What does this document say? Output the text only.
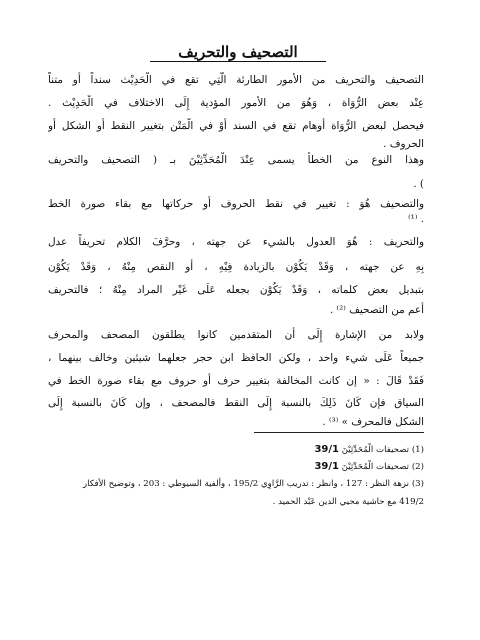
التصحيف والتحريف
التصحيف والتحريف من الأمور الطارئة الَّتِي تقع في الْحَدِيْث سنداً أو متناً
عِنْد بعض الرُّوَاة ، وَهُوَ من الأمور المؤدية إِلَى الاختلاف في الْحَدِيْث .
فيحصل لبعض الرُّوَاة أوهام تقع في السند أَوْ في الْمَتْن بتغيير النقط أَو الشكل أَو
الحروف .
وهذا النوع من الخطأ يسمى عِنْدَ الْمُحَدِّثِيْنَ بـ ( التصحيف والتحريف
) .
والتصحيف هُوَ : تغيير في نقط الحروف أَو حركاتها مع بقاء صورة الخط
. ⁽¹⁾
والتحريف : هُوَ العدول بالشيء عن جهته ، وحرَّفَ الكلام تحريفاً عدل
بِهِ عن جهته ، وَقَدْ يَكُوْن بالزيادة فِيْهِ ، أو النقص مِنْهُ ، وَقَدْ يَكُوْن
بتبديل بعض كلماته ، وَقَدْ يَكُوْن بجعله عَلَى غَيْر المراد مِنْهُ ؛ فالتحريف
أعم من التصحيف ⁽²⁾ .
ولابد من الإشارة إِلَى أن المتقدمين كانوا يطلقون المصحف والمحرف
جميعاً عَلَى شيء واحد ، ولكن الحافظ ابن حجر جعلهما شيئين وخالف بينهما ،
فَقَدْ قَالَ : « إن كانت المخالفة بتغيير حرف أو حروف مع بقاء صورة الخط في
السياق فإن كَانَ ذَلِكَ بالنسبة إِلَى النقط فالمصحف ، وإن كَانَ بالنسبة إِلَى
الشكل فالمحرف » ⁽³⁾ .
(1) تصحيفات الْمُحَدِّثِيْنَ 39/1
(2) تصحيفات الْمُحَدِّثِيْنَ 39/1
(3) نزهة النظر : 127 ، وانظر : تدريب الرَّاوِي 195/2 ، وألفية السيوطي : 203 ، وتوضيح الأفكار
419/2 مع حاشية محيي الدين عَبْد الحميد .
